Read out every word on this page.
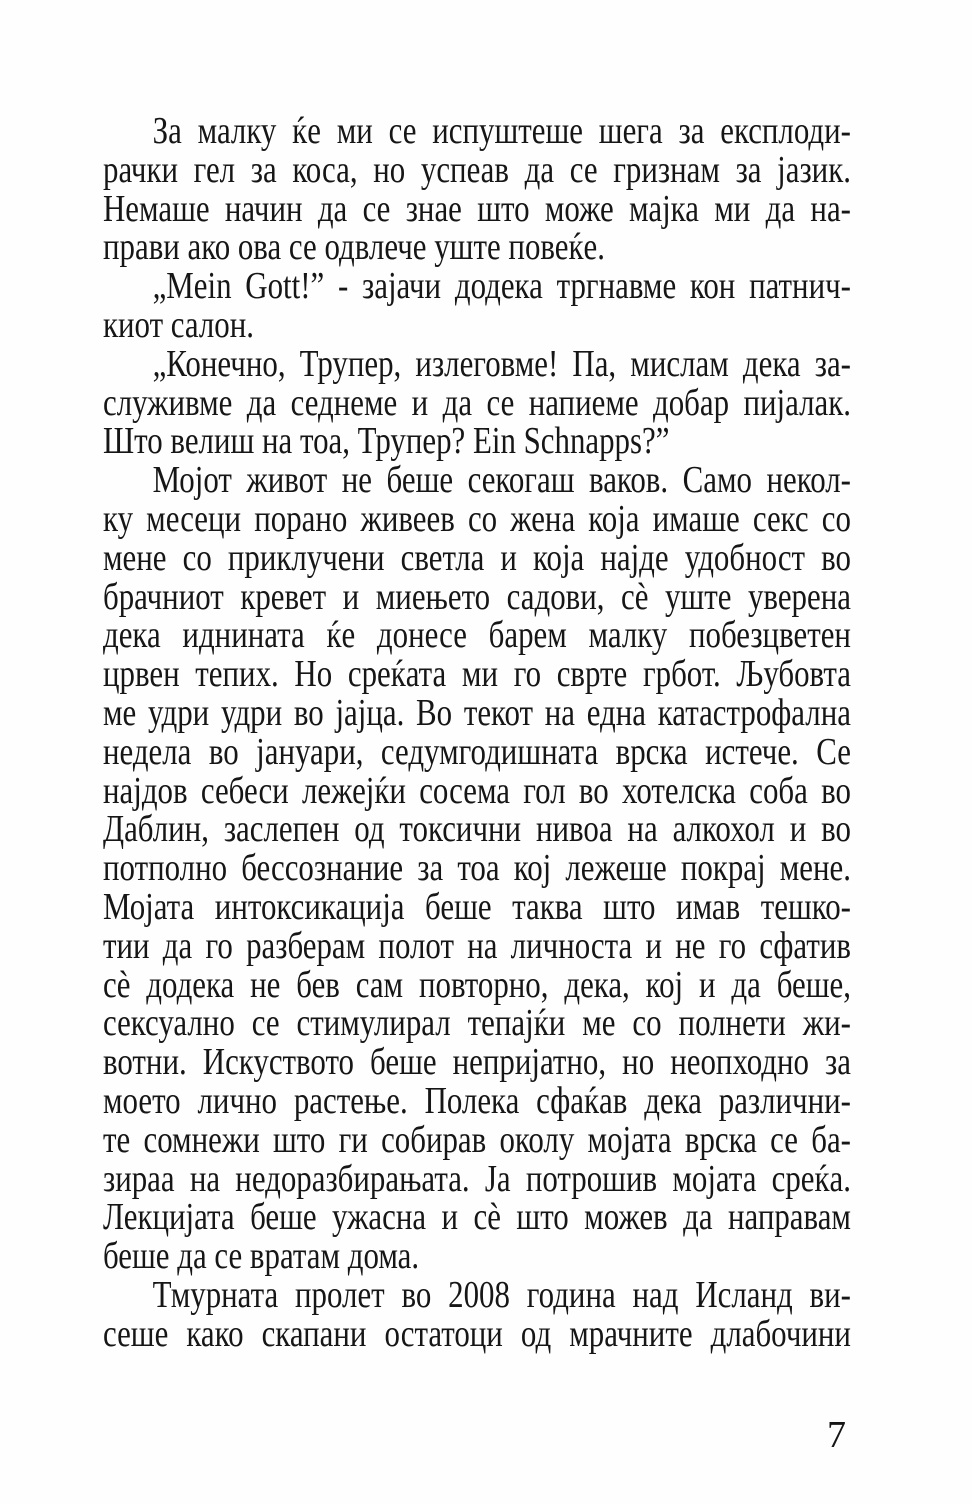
За малку ќе ми се испуштеше шега за експлоди-
рачки гел за коса, но успеав да се гризнам за јазик.
Немаше начин да се знае што може мајка ми да на-
прави ако ова се одвлече уште повеќе.
„Mein Gott!” - зајачи додека тргнавме кон патнич-
киот салон.
„Конечно, Трупер, излеговме! Па, мислам дека за-
служивме да седнеме и да се напиеме добар пијалак.
Што велиш на тоа, Трупер? Ein Schnapps?”
Мојот живот не беше секогаш ваков. Само некол-
ку месеци порано живеев со жена која имаше секс со
мене со приклучени светла и која најде удобност во
брачниот кревет и миењето садови, сѐ уште уверена
дека иднината ќе донесе барем малку побезцветен
црвен тепих. Но среќата ми го сврте грбот. Љубовта
ме удри удри во јајца. Во текот на една катастрофална
недела во јануари, седумгодишната врска истече. Се
најдов себеси лежејќи сосема гол во хотелска соба во
Даблин, заслепен од токсични нивоа на алкохол и во
потполно бессознание за тоа кој лежеше покрај мене.
Мојата интоксикација беше таква што имав тешко-
тии да го разберам полот на личноста и не го сфатив
сѐ додека не бев сам повторно, дека, кој и да беше,
сексуално се стимулирал тепајќи ме со полнети жи-
вотни. Искуството беше непријатно, но неопходно за
моето лично растење. Полека сфаќав дека различни-
те сомнежи што ги собирав околу мојата врска се ба-
зираа на недоразбирањата. Ја потрошив мојата среќа.
Лекцијата беше ужасна и сѐ што можев да направам
беше да се вратам дома.
Тмурната пролет во 2008 година над Исланд ви-
сеше како скапани остатоци од мрачните длабочини
7
